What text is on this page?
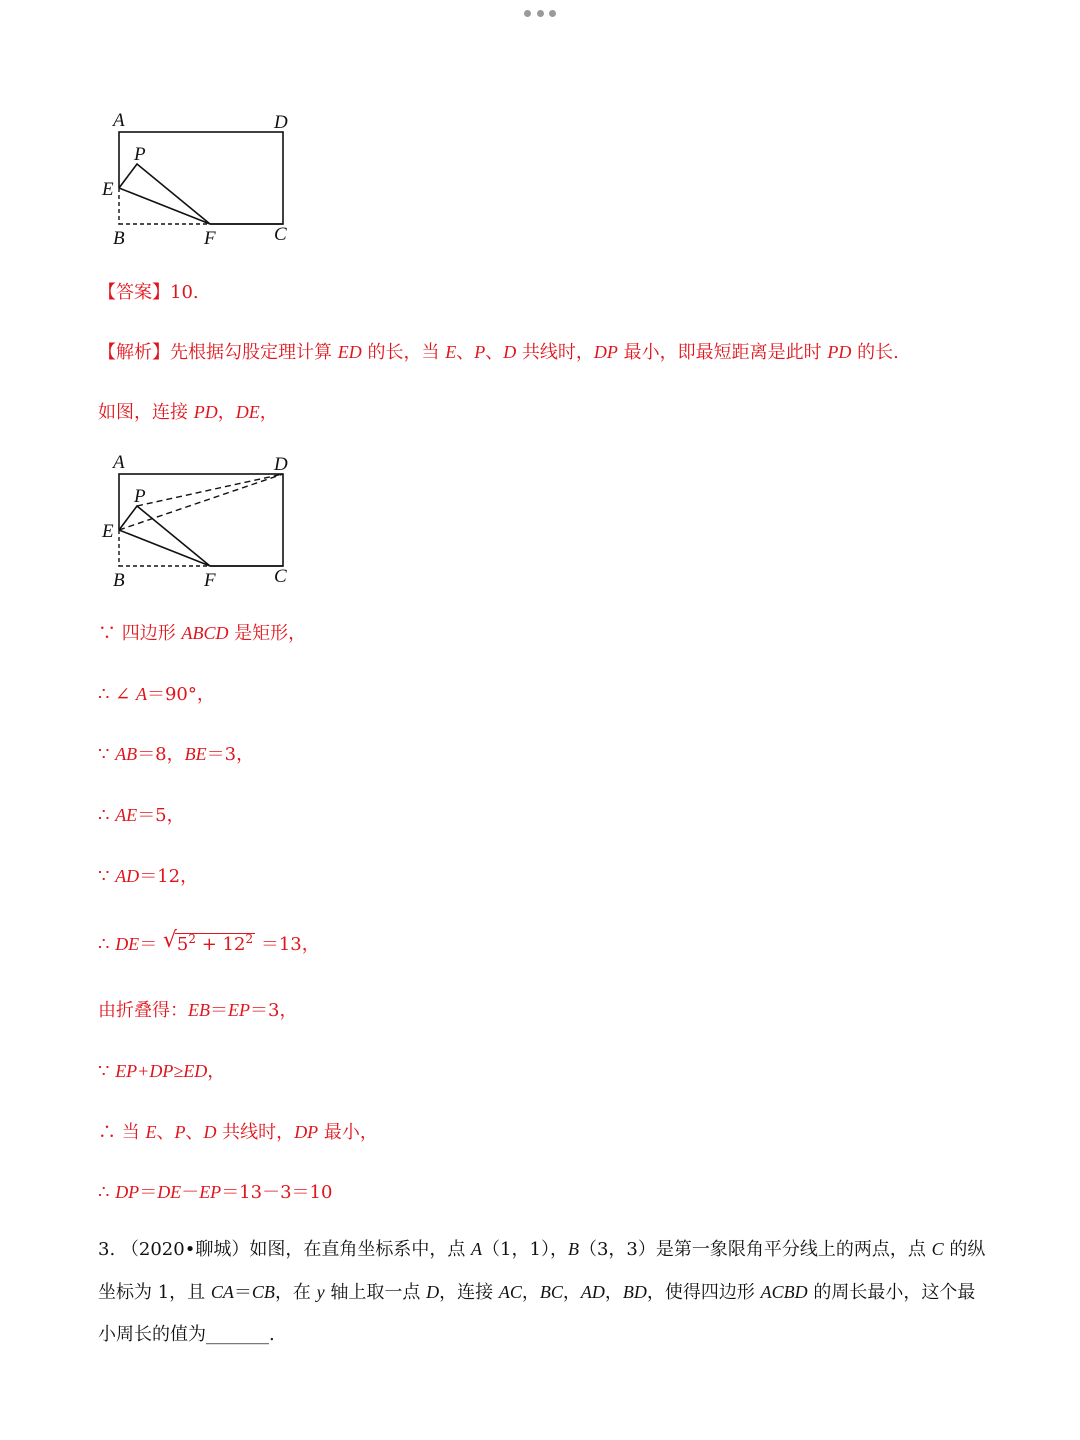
A	D
P
E
B	F	C
【答案】10.
【解析】先根据勾股定理计算 ED 的长，当 E、P、D 共线时，DP 最小，即最短距离是此时 PD 的长.
如图，连接 PD，DE，
A	D
P
E
B	F	C
∵ 四边形 ABCD 是矩形，
∴ ∠ A＝90°，
∵ AB＝8，BE＝3，
∴ AE＝5，
∵ AD＝12，
∴ DE＝ √ $5^2 + 12^2 =13$，
由折叠得：EB＝EP＝3，
∵ EP+DP≥ED，
∴ 当 E、P、D 共线时，DP 最小，
∴ DP＝DE－EP＝13－3＝10
3. （2020•聊城）如图，在直角坐标系中，点 A（1，1），B（3，3）是第一象限角平分线上的两点，点 C 的纵坐标为 1，且 CA＝CB，在 y 轴上取一点 D，连接 AC，BC，AD，BD，使得四边形 ACBD 的周长最小，这个最小周长的值为_______.
